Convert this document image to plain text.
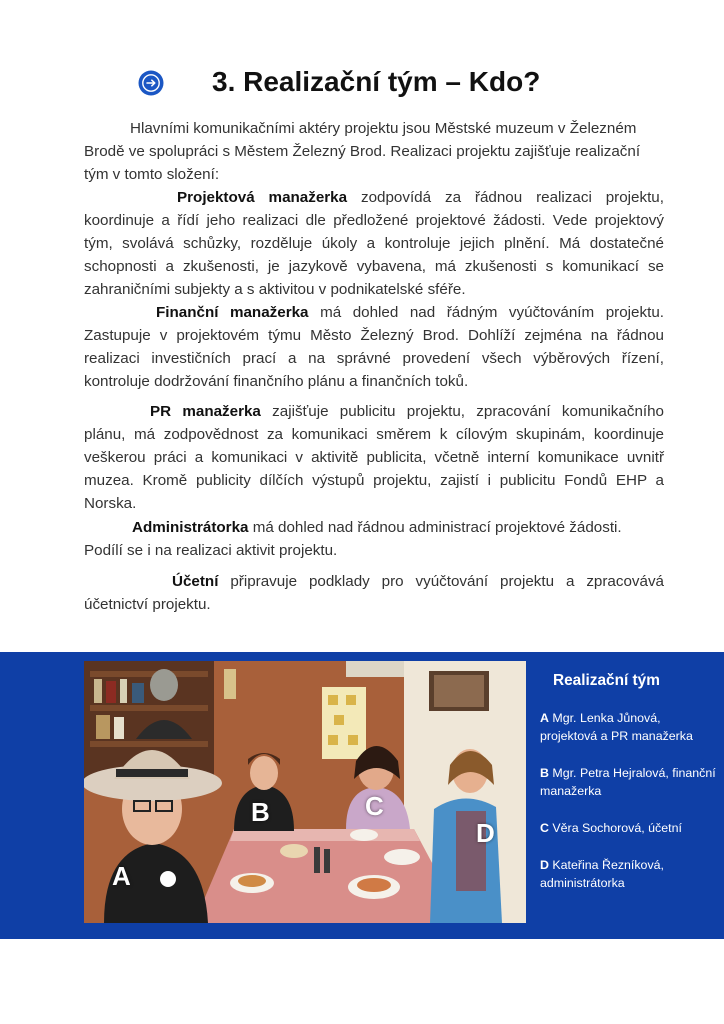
3. Realizační tým – Kdo?

Hlavními komunikačními aktéry projektu jsou Městské muzeum v Železném Brodě ve spolupráci s Městem Železný Brod. Realizaci projektu zajišťuje realizační tým v tomto složení:

Projektová manažerka zodpovídá za řádnou realizaci projektu, koordinuje a řídí jeho realizaci dle předložené projektové žádosti. Vede projektový tým, svolává schůzky, rozděluje úkoly a kontroluje jejich plnění. Má dostatečné schopnosti a zkušenosti, je jazykově vybavena, má zkušenosti s komunikací se zahraničními subjekty a s aktivitou v podnikatelské sféře.

Finanční manažerka má dohled nad řádným vyúčtováním projektu. Zastupuje v projektovém týmu Město Železný Brod. Dohlíží zejména na řádnou realizaci investičních prací a na správné provedení všech výběrových řízení, kontroluje dodržování finančního plánu a finančních toků.

PR manažerka zajišťuje publicitu projektu, zpracování komunikačního plánu, má zodpovědnost za komunikaci směrem k cílovým skupinám, koordinuje veškerou práci a komunikaci v aktivitě publicita, včetně interní komunikace uvnitř muzea. Kromě publicity dílčích výstupů projektu, zajistí i publicitu Fondů EHP a Norska.

Administrátorka má dohled nad řádnou administrací projektové žádosti. Podílí se i na realizaci aktivit projektu.

Účetní připravuje podklady pro vyúčtování projektu a zpracovává účetnictví projektu.

A
B	C
D
Realizační tým
A Mgr. Lenka Jůnová, projektová a PR manažerka
B Mgr. Petra Hejralová, finanční manažerka
C Věra Sochorová, účetní
D Kateřina Řezníková, administrátorka
